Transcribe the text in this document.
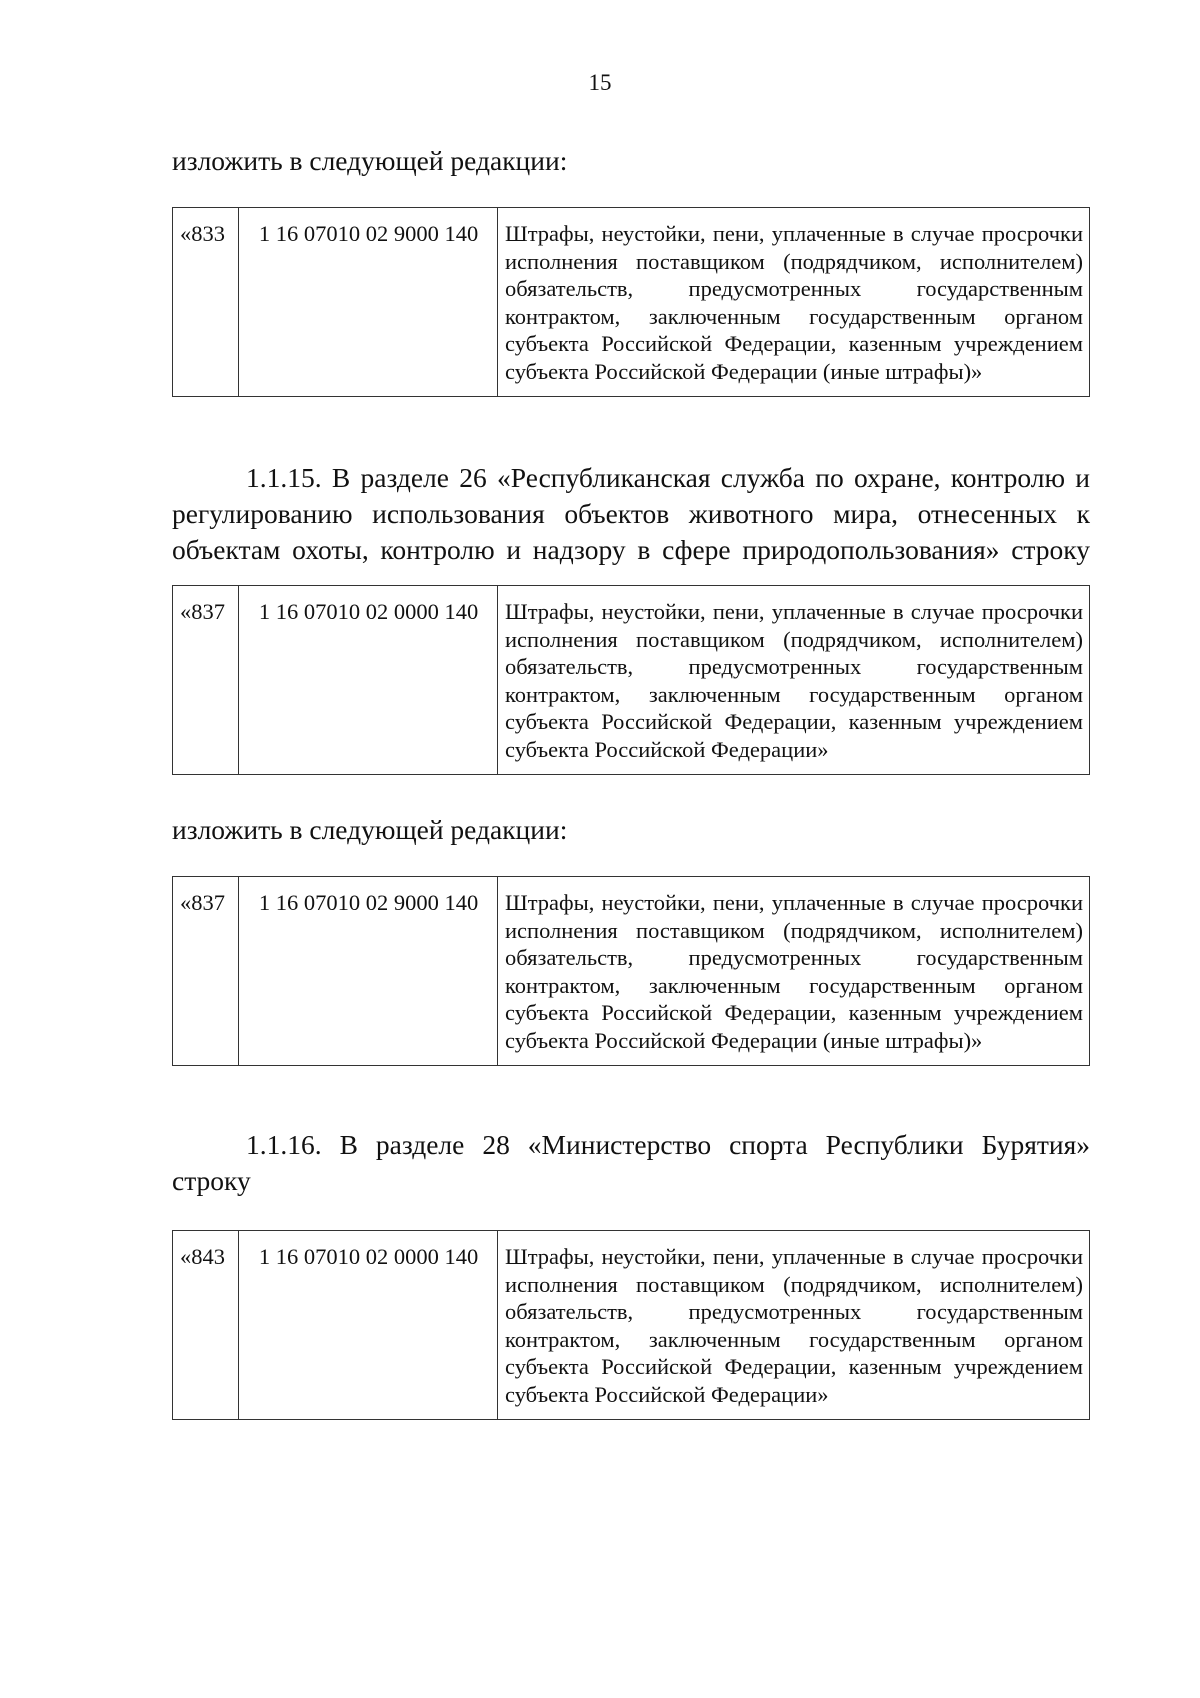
15
изложить в следующей редакции:
«833	1 16 07010 02 9000 140	Штрафы, неустойки, пени, уплаченные в случае просрочки исполнения поставщиком (подрядчиком, исполнителем) обязательств, предусмотренных государственным контрактом, заключенным государственным органом субъекта Российской Федерации, казенным учреждением субъекта Российской Федерации (иные штрафы)»
1.1.15. В разделе 26 «Республиканская служба по охране, контролю и регулированию использования объектов животного мира, отнесенных к объектам охоты, контролю и надзору в сфере природопользования» строку
«837	1 16 07010 02 0000 140	Штрафы, неустойки, пени, уплаченные в случае просрочки исполнения поставщиком (подрядчиком, исполнителем) обязательств, предусмотренных государственным контрактом, заключенным государственным органом субъекта Российской Федерации, казенным учреждением субъекта Российской Федерации»
изложить в следующей редакции:
«837	1 16 07010 02 9000 140	Штрафы, неустойки, пени, уплаченные в случае просрочки исполнения поставщиком (подрядчиком, исполнителем) обязательств, предусмотренных государственным контрактом, заключенным государственным органом субъекта Российской Федерации, казенным учреждением субъекта Российской Федерации (иные штрафы)»
1.1.16. В разделе 28 «Министерство спорта Республики Бурятия» строку
«843	1 16 07010 02 0000 140	Штрафы, неустойки, пени, уплаченные в случае просрочки исполнения поставщиком (подрядчиком, исполнителем) обязательств, предусмотренных государственным контрактом, заключенным государственным органом субъекта Российской Федерации, казенным учреждением субъекта Российской Федерации»
